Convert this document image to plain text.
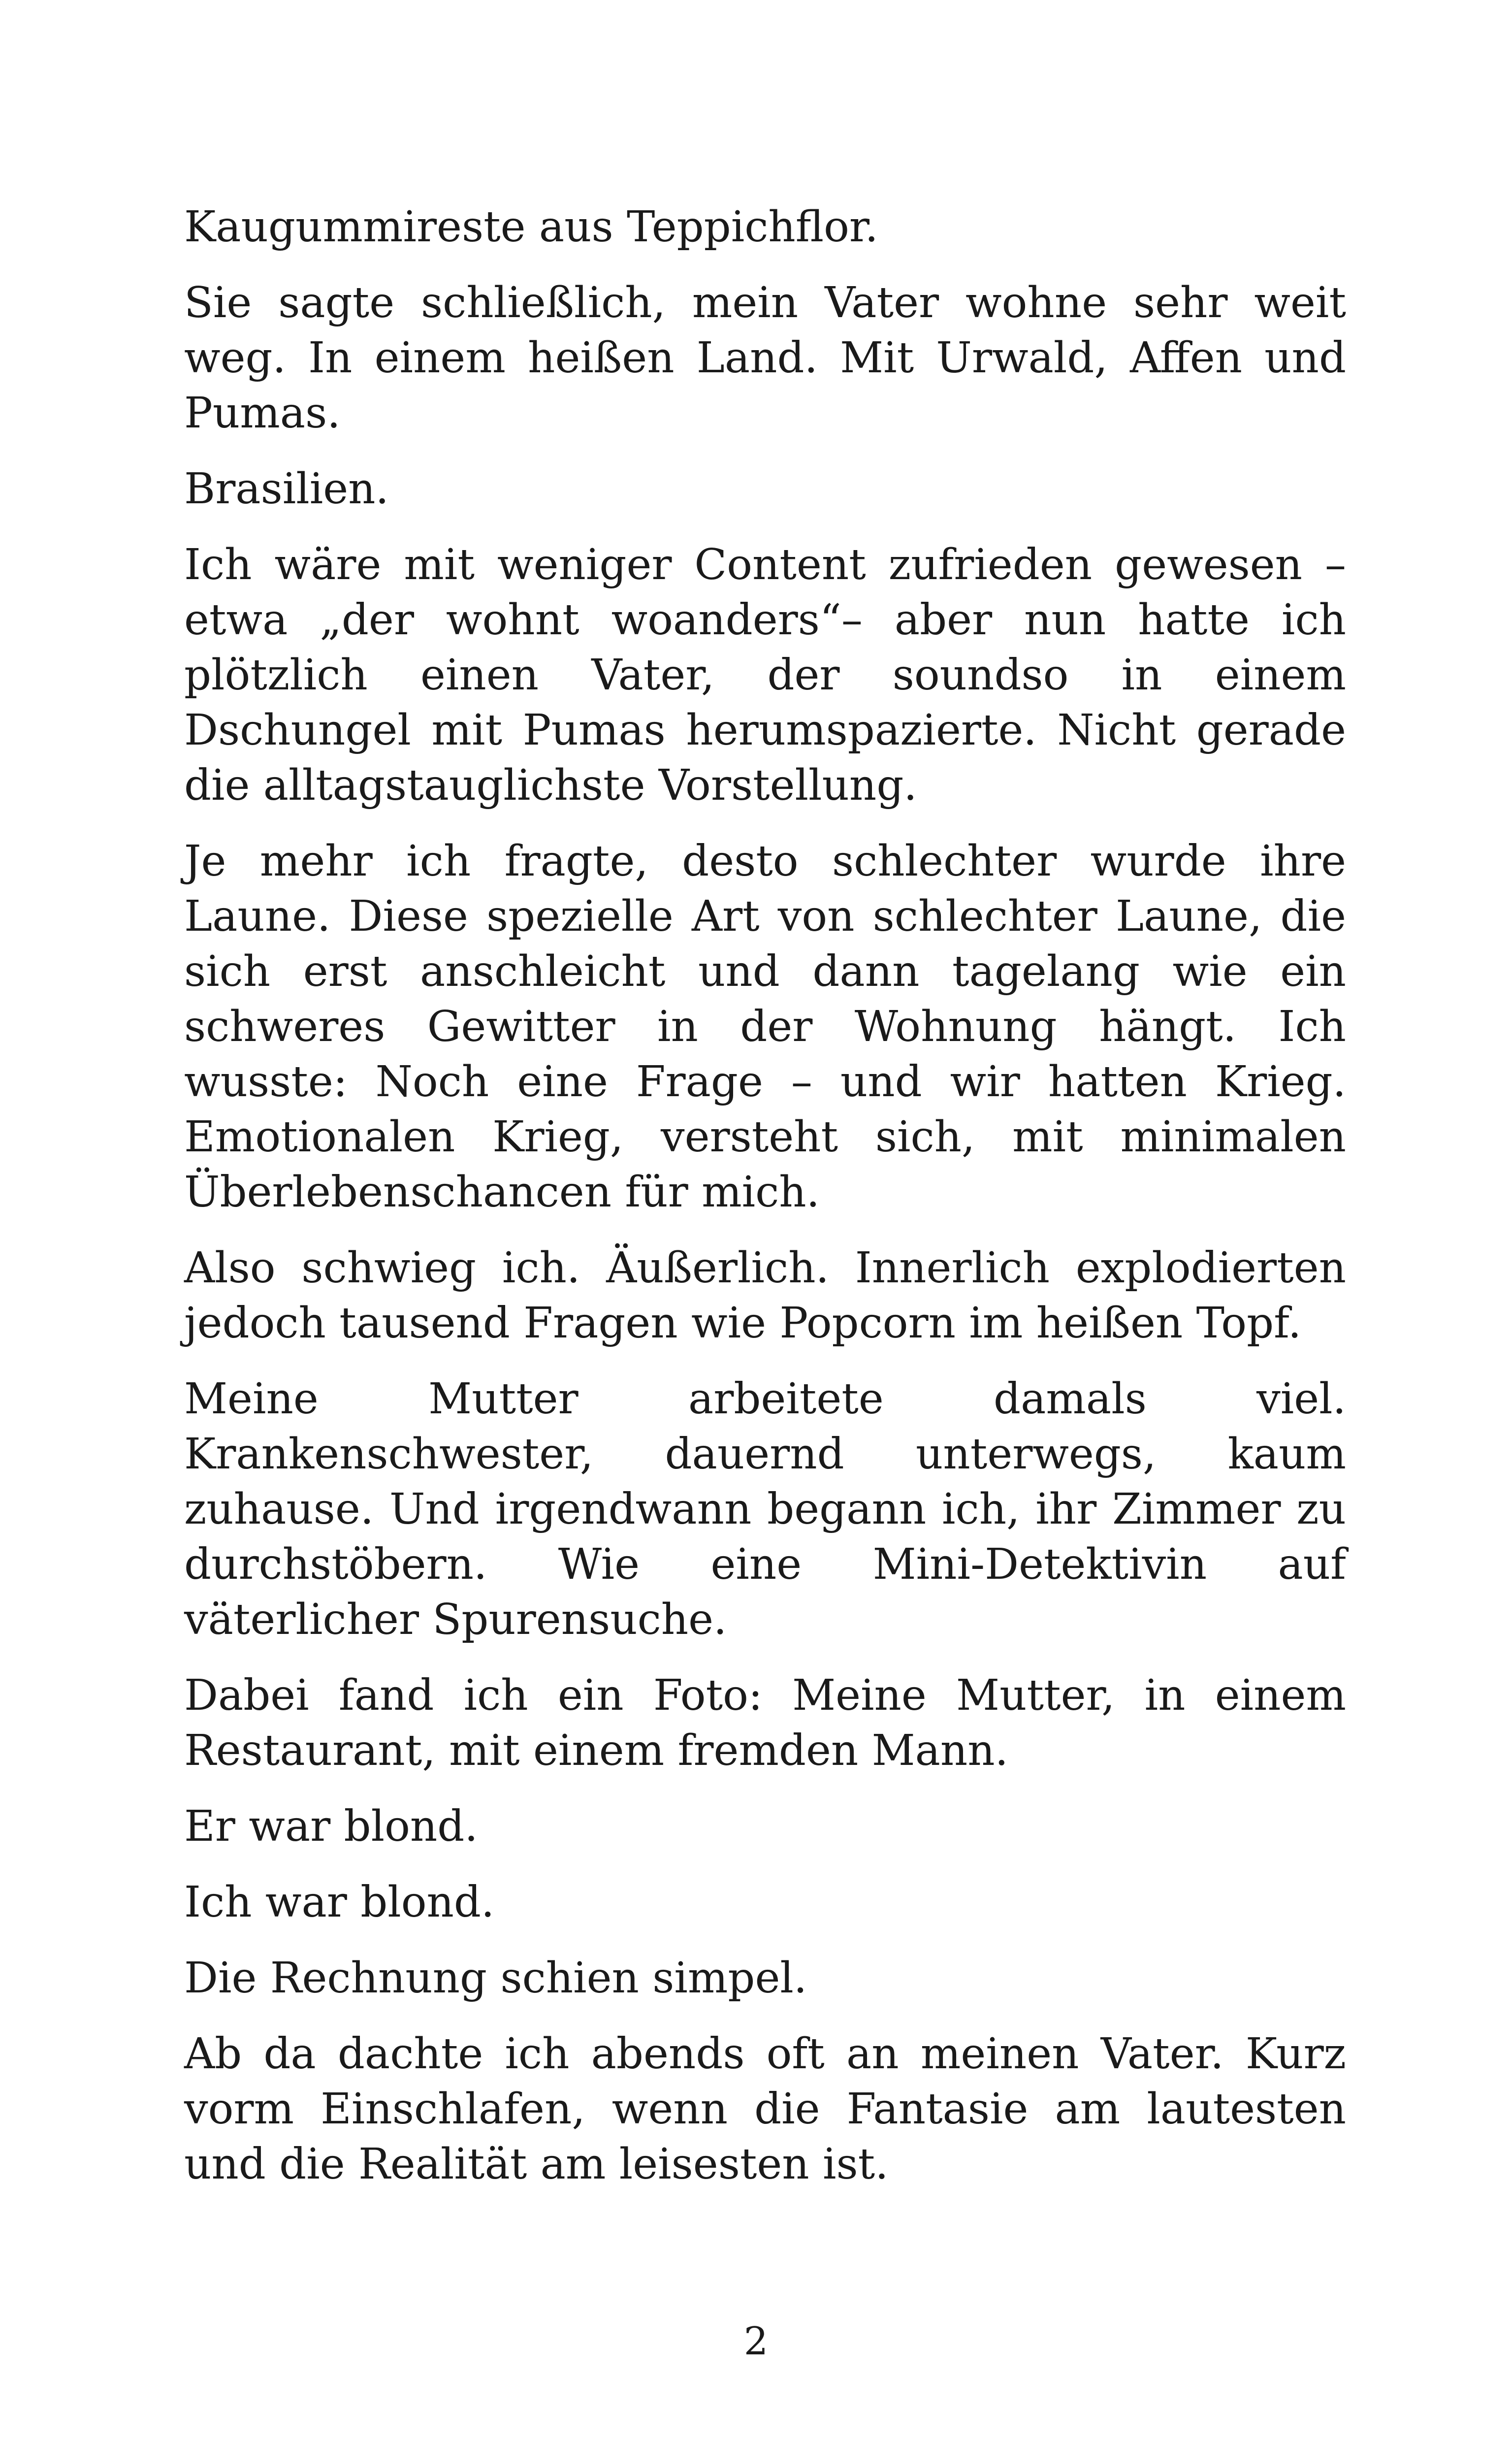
Kaugummireste aus Teppichflor.

Sie sagte schließlich, mein Vater wohne sehr weit weg. In einem heißen Land. Mit Urwald, Affen und Pumas.

Brasilien.

Ich wäre mit weniger Content zufrieden gewesen – etwa „der wohnt woanders“– aber nun hatte ich plötzlich einen Vater, der soundso in einem Dschungel mit Pumas herumspazierte. Nicht gerade die alltagstauglichste Vorstellung.

Je mehr ich fragte, desto schlechter wurde ihre Laune. Diese spezielle Art von schlechter Laune, die sich erst anschleicht und dann tagelang wie ein schweres Gewitter in der Wohnung hängt. Ich wusste: Noch eine Frage – und wir hatten Krieg. Emotionalen Krieg, versteht sich, mit minimalen Überlebenschancen für mich.

Also schwieg ich. Äußerlich. Innerlich explodierten jedoch tausend Fragen wie Popcorn im heißen Topf.

Meine Mutter arbeitete damals viel. Krankenschwester, dauernd unterwegs, kaum zuhause. Und irgendwann begann ich, ihr Zimmer zu durchstöbern. Wie eine Mini-Detektivin auf väterlicher Spurensuche.

Dabei fand ich ein Foto: Meine Mutter, in einem Restaurant, mit einem fremden Mann.

Er war blond.

Ich war blond.

Die Rechnung schien simpel.

Ab da dachte ich abends oft an meinen Vater. Kurz vorm Einschlafen, wenn die Fantasie am lautesten und die Realität am leisesten ist.

2
